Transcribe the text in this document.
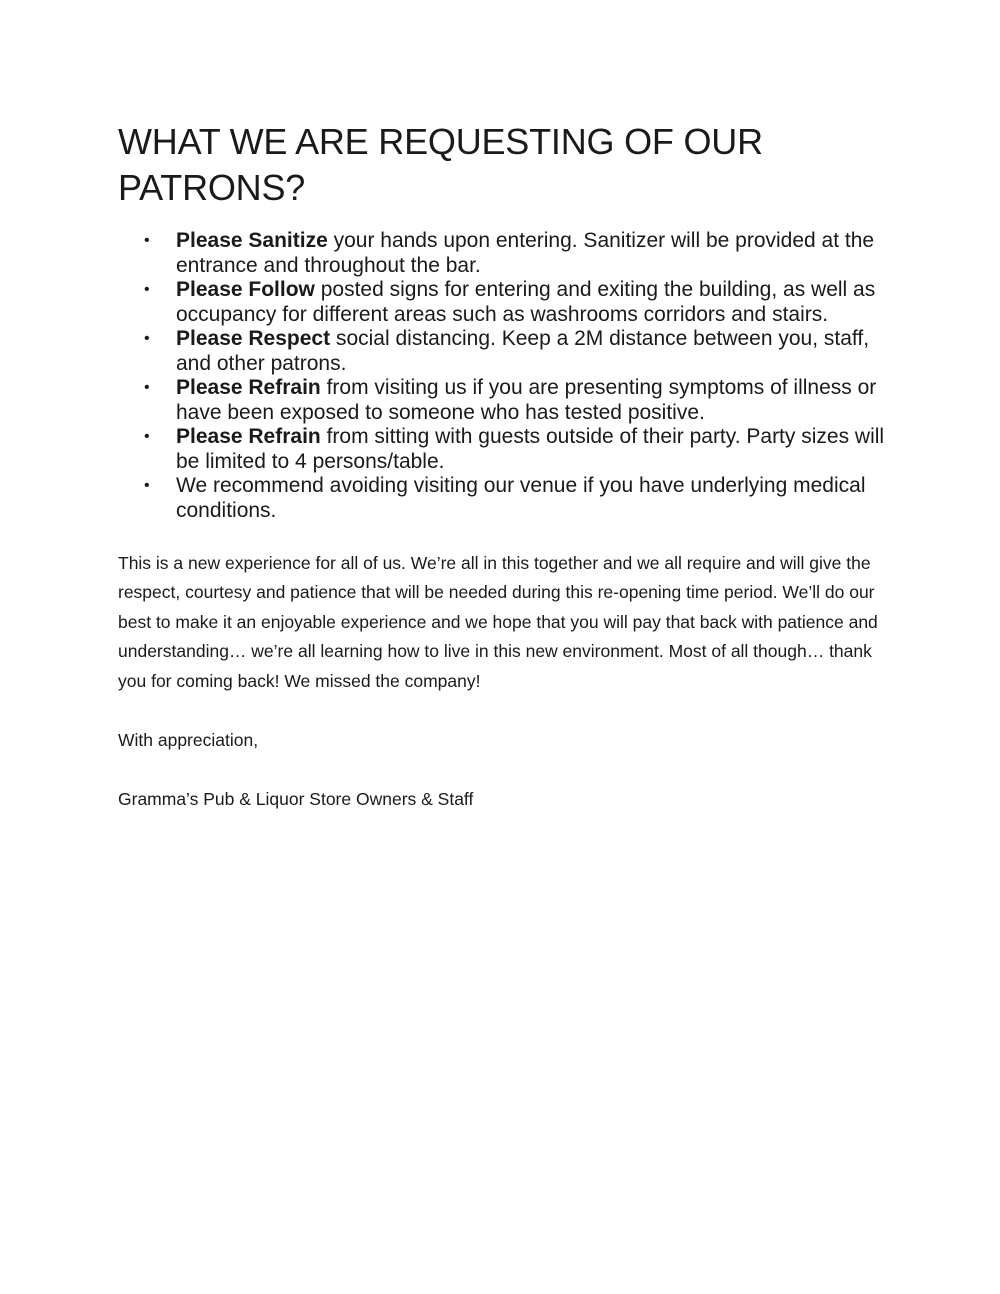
WHAT WE ARE REQUESTING OF OUR PATRONS?
• Please Sanitize your hands upon entering. Sanitizer will be provided at the entrance and throughout the bar.
• Please Follow posted signs for entering and exiting the building, as well as occupancy for different areas such as washrooms corridors and stairs.
• Please Respect social distancing. Keep a 2M distance between you, staff, and other patrons.
• Please Refrain from visiting us if you are presenting symptoms of illness or have been exposed to someone who has tested positive.
• Please Refrain from sitting with guests outside of their party. Party sizes will be limited to 4 persons/table.
• We recommend avoiding visiting our venue if you have underlying medical conditions.

This is a new experience for all of us. We’re all in this together and we all require and will give the respect, courtesy and patience that will be needed during this re-opening time period. We’ll do our best to make it an enjoyable experience and we hope that you will pay that back with patience and understanding… we’re all learning how to live in this new environment. Most of all though… thank you for coming back! We missed the company!

With appreciation,

Gramma’s Pub & Liquor Store Owners & Staff
